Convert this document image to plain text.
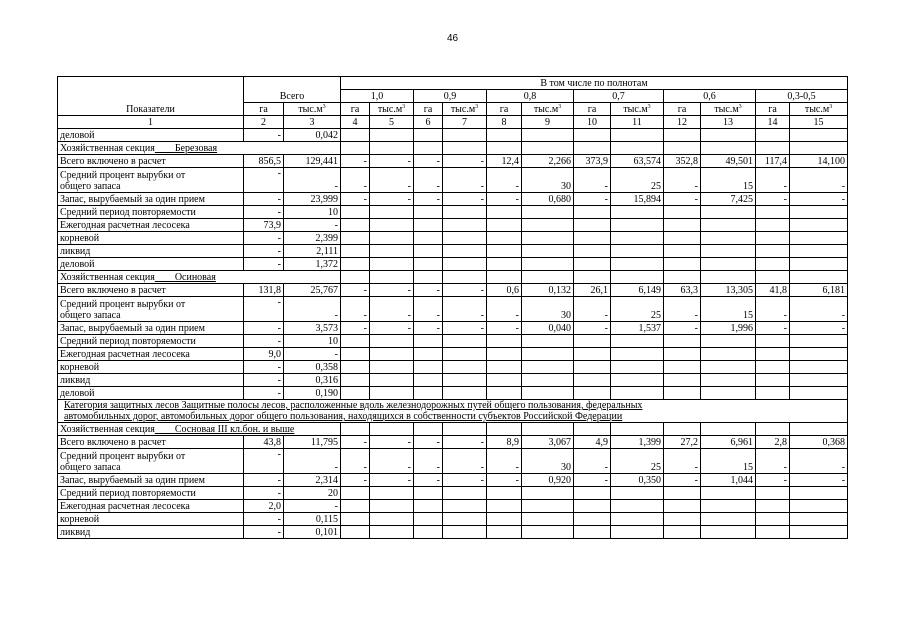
46
Показатели	Всего		В том числе по полнотам											
			1,0		0,9		0,8		0,7		0,6		0,3-0,5	
	га	$тыс.м^3$	га	$тыс.м^3$	га	$тыс.м^3$	га	$тыс.м^3$	га	$тыс.м^3$	га	$тыс.м^3$	га	$тыс.м^3$
1	2	3	4	5	6	7	8	9	10	11	12	13	14	15
деловой	-	0,042												
Хозяйственная секция Березовая														
Всего включено в расчет	856,5	129,441	-	-	-	-	12,4	2,266	373,9	63,574	352,8	49,501	117,4	14,100
Средний процент вырубки от
общего запаса	-	-	-	-	-	-	-	30	-	25	-	15	-	-
Запас, вырубаемый за один прием	-	23,999	-	-	-	-	-	0,680	-	15,894	-	7,425	-	-
Средний период повторяемости	-	10												
Ежегодная расчетная лесосека	73,9	-												
корневой	-	2,399												
ликвид	-	2,111												
деловой	-	1,372												
Хозяйственная секция Осиновая														
Всего включено в расчет	131,8	25,767	-	-	-	-	0,6	0,132	26,1	6,149	63,3	13,305	41,8	6,181
Средний процент вырубки от
общего запаса	-	-	-	-	-	-	-	30	-	25	-	15	-	-
Запас, вырубаемый за один прием	-	3,573	-	-	-	-	-	0,040	-	1,537	-	1,996	-	-
Средний период повторяемости	-	10												
Ежегодная расчетная лесосека	9,0	-												
корневой	-	0,358												
ликвид	-	0,316												
деловой	-	0,190												
Категория защитных лесов Защитные полосы лесов, расположенные вдоль железнодорожных путей общего пользования, федеральных
автомобильных дорог, автомобильных дорог общего пользования, находящихся в собственности субъектов Российской Федерации														
Хозяйственная секция Сосновая III кл.бон. и выше														
Всего включено в расчет	43,8	11,795	-	-	-	-	8,9	3,067	4,9	1,399	27,2	6,961	2,8	0,368
Средний процент вырубки от
общего запаса	-	-	-	-	-	-	-	30	-	25	-	15	-	-
Запас, вырубаемый за один прием	-	2,314	-	-	-	-	-	0,920	-	0,350	-	1,044	-	-
Средний период повторяемости	-	20												
Ежегодная расчетная лесосека	2,0	-												
корневой	-	0,115												
ликвид	-	0,101												
